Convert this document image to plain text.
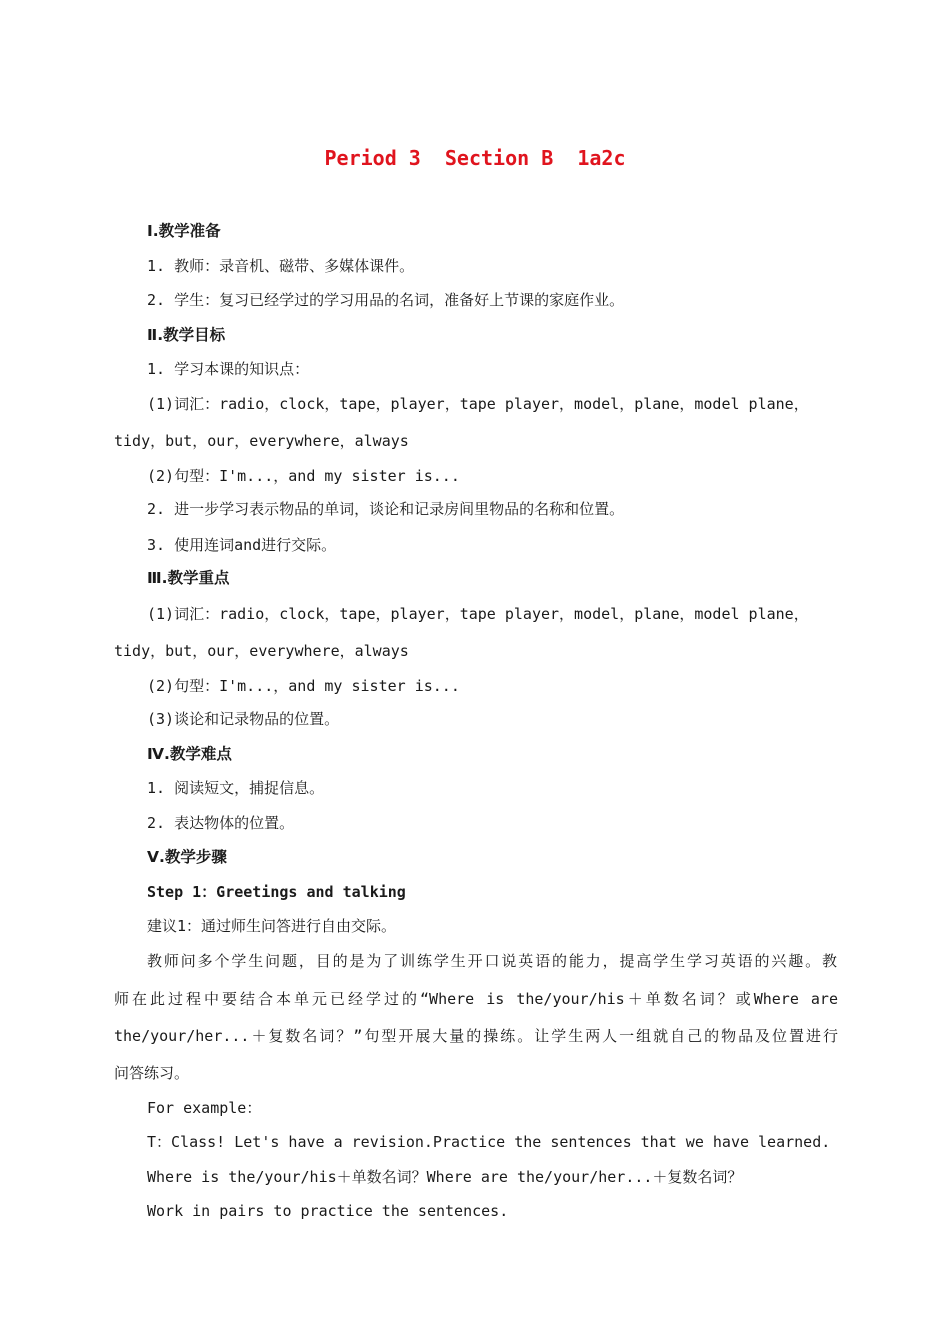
Period 3  Section B  1a2c
Ⅰ.教学准备
1. 教师：录音机、磁带、多媒体课件。
2. 学生：复习已经学过的学习用品的名词，准备好上节课的家庭作业。
Ⅱ.教学目标
1. 学习本课的知识点：
(1)词汇：radio，clock，tape，player，tape player，model，plane，model plane，
tidy，but，our，everywhere，always
(2)句型：I'm...，and my sister is...
2. 进一步学习表示物品的单词，谈论和记录房间里物品的名称和位置。
3. 使用连词and进行交际。
Ⅲ.教学重点
(1)词汇：radio，clock，tape，player，tape player，model，plane，model plane，
tidy，but，our，everywhere，always
(2)句型：I'm...，and my sister is...
(3)谈论和记录物品的位置。
Ⅳ.教学难点
1. 阅读短文，捕捉信息。
2. 表达物体的位置。
Ⅴ.教学步骤
Step 1：Greetings and talking
建议1：通过师生问答进行自由交际。
教师问多个学生问题，目的是为了训练学生开口说英语的能力，提高学生学习英语的兴趣。教
师在此过程中要结合本单元已经学过的“Where is the/your/his＋单数名词？或Where are
the/your/her...＋复数名词？”句型开展大量的操练。让学生两人一组就自己的物品及位置进行
问答练习。
For example：
T：Class! Let's have a revision.Practice the sentences that we have learned.
Where is the/your/his＋单数名词？Where are the/your/her...＋复数名词？
Work in pairs to practice the sentences.
